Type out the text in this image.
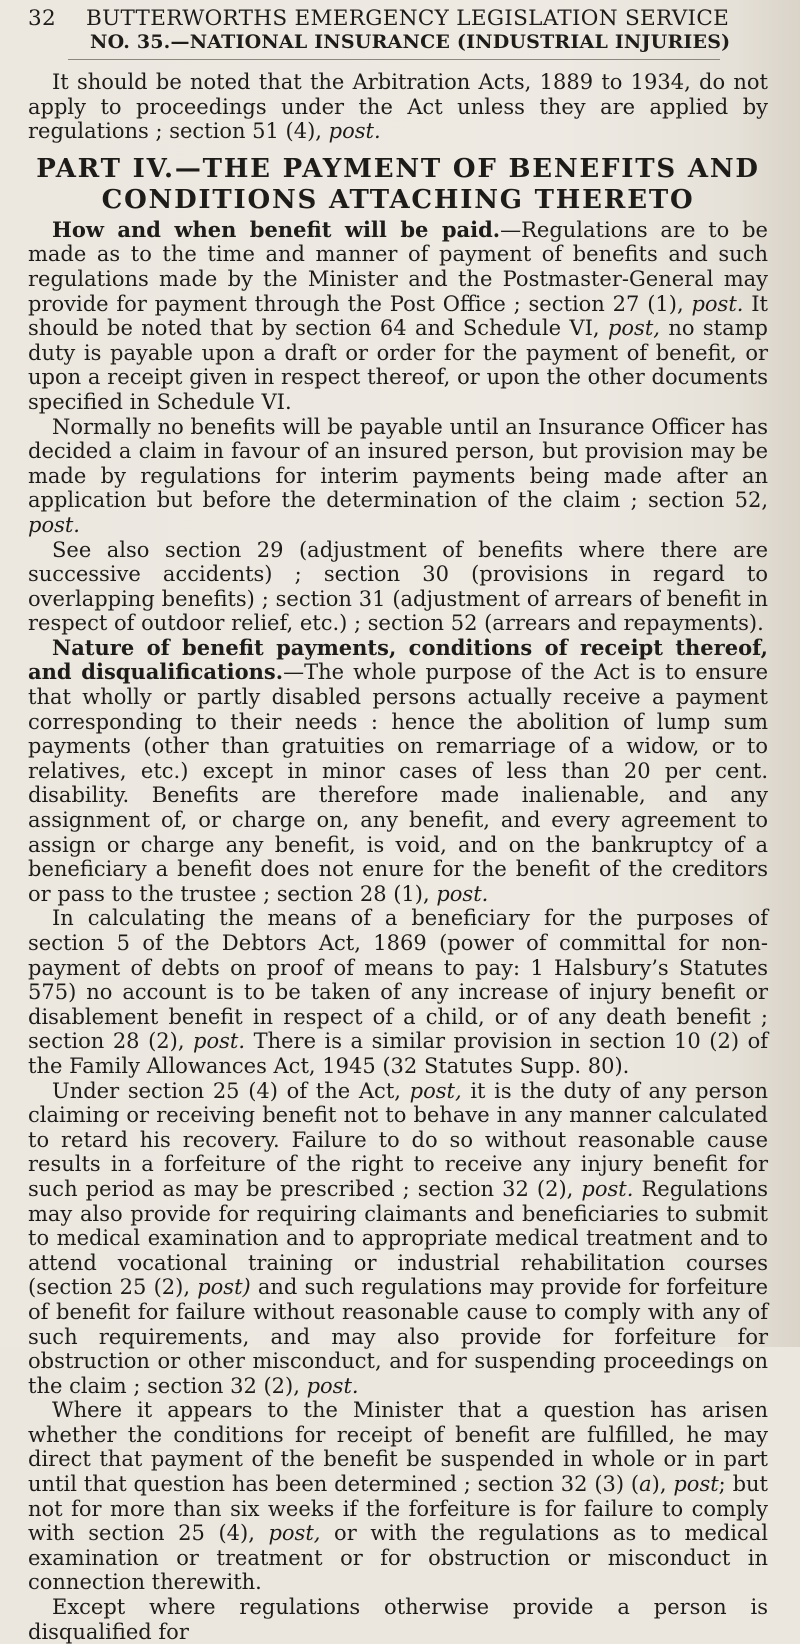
32 BUTTERWORTHS EMERGENCY LEGISLATION SERVICE
NO. 35.—NATIONAL INSURANCE (INDUSTRIAL INJURIES)

It should be noted that the Arbitration Acts, 1889 to 1934, do not apply to proceedings under the Act unless they are applied by regulations ; section 51 (4), post.

PART IV.—THE PAYMENT OF BENEFITS AND
CONDITIONS ATTACHING THERETO

How and when benefit will be paid.—Regulations are to be made as to the time and manner of payment of benefits and such regulations made by the Minister and the Postmaster-General may provide for payment through the Post Office ; section 27 (1), post. It should be noted that by section 64 and Schedule VI, post, no stamp duty is payable upon a draft or order for the payment of benefit, or upon a receipt given in respect thereof, or upon the other documents specified in Schedule VI.

Normally no benefits will be payable until an Insurance Officer has decided a claim in favour of an insured person, but provision may be made by regulations for interim payments being made after an application but before the determination of the claim ; section 52, post.

See also section 29 (adjustment of benefits where there are successive accidents) ; section 30 (provisions in regard to overlapping benefits) ; section 31 (adjustment of arrears of benefit in respect of outdoor relief, etc.) ; section 52 (arrears and repayments).

Nature of benefit payments, conditions of receipt thereof, and disqualifications.—The whole purpose of the Act is to ensure that wholly or partly disabled persons actually receive a payment corresponding to their needs : hence the abolition of lump sum payments (other than gratuities on remarriage of a widow, or to relatives, etc.) except in minor cases of less than 20 per cent. disability. Benefits are therefore made inalienable, and any assignment of, or charge on, any benefit, and every agreement to assign or charge any benefit, is void, and on the bankruptcy of a beneficiary a benefit does not enure for the benefit of the creditors or pass to the trustee ; section 28 (1), post.

In calculating the means of a beneficiary for the purposes of section 5 of the Debtors Act, 1869 (power of committal for non-payment of debts on proof of means to pay: 1 Halsbury’s Statutes 575) no account is to be taken of any increase of injury benefit or disablement benefit in respect of a child, or of any death benefit ; section 28 (2), post. There is a similar provision in section 10 (2) of the Family Allowances Act, 1945 (32 Statutes Supp. 80).

Under section 25 (4) of the Act, post, it is the duty of any person claiming or receiving benefit not to behave in any manner calculated to retard his recovery. Failure to do so without reasonable cause results in a forfeiture of the right to receive any injury benefit for such period as may be prescribed ; section 32 (2), post. Regulations may also provide for requiring claimants and beneficiaries to submit to medical examination and to appropriate medical treatment and to attend vocational training or industrial rehabilitation courses (section 25 (2), post) and such regulations may provide for forfeiture of benefit for failure without reasonable cause to comply with any of such requirements, and may also provide for forfeiture for obstruction or other misconduct, and for suspending proceedings on the claim ; section 32 (2), post.

Where it appears to the Minister that a question has arisen whether the conditions for receipt of benefit are fulfilled, he may direct that payment of the benefit be suspended in whole or in part until that question has been determined ; section 32 (3) (a), post; but not for more than six weeks if the forfeiture is for failure to comply with section 25 (4), post, or with the regulations as to medical examination or treatment or for obstruction or misconduct in connection therewith.

Except where regulations otherwise provide a person is disqualified for
